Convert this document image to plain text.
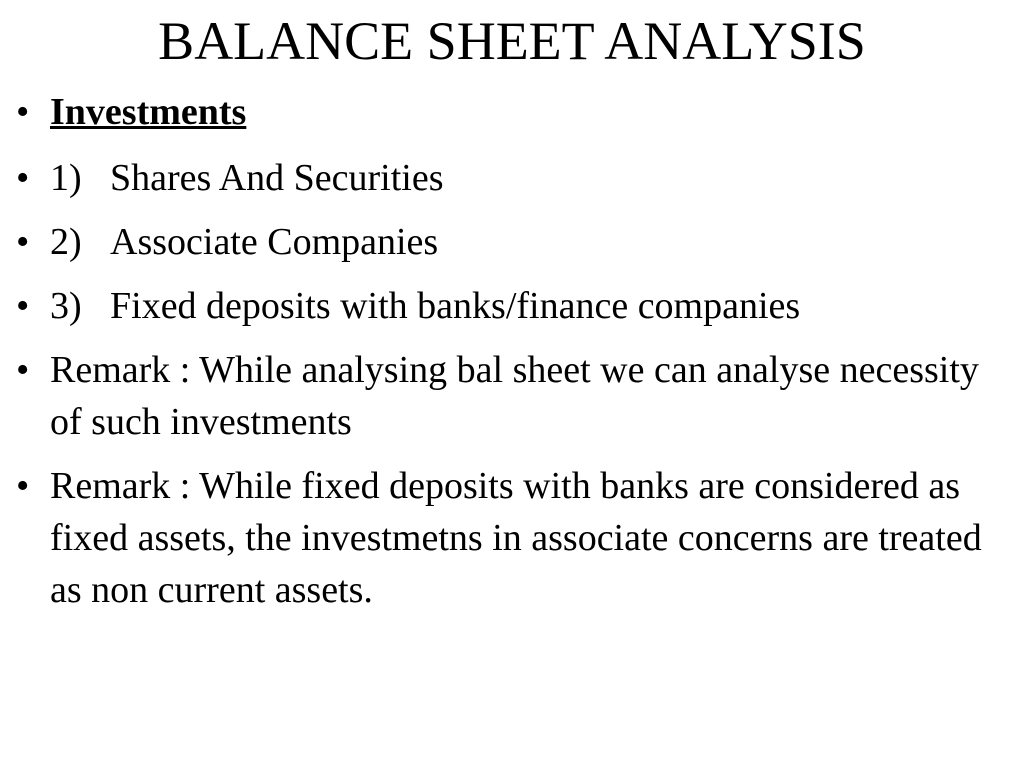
BALANCE SHEET ANALYSIS
• Investments
• 1) Shares And Securities
• 2) Associate Companies
• 3) Fixed deposits with banks/finance companies
• Remark : While analysing bal sheet we can analyse necessity of such investments
• Remark : While fixed deposits with banks are considered as fixed assets, the investmetns in associate concerns are treated as non current assets.
